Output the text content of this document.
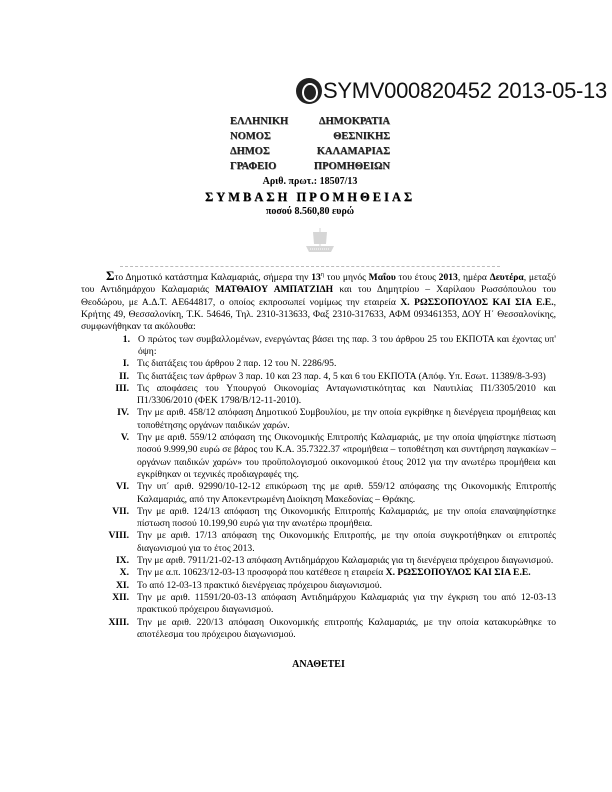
SYMV000820452 2013-05-13
ΕΛΛΗΝΙΚΗ	ΔΗΜΟΚΡΑΤΙΑ
ΝΟΜΟΣ	ΘΕΣΝΙΚΗΣ
ΔΗΜΟΣ	ΚΑΛΑΜΑΡΙΑΣ
ΓΡΑΦΕΙΟ	ΠΡΟΜΗΘΕΙΩΝ
Αριθ. πρωτ.: 18507/13
ΣΥΜΒΑΣΗ ΠΡΟΜΗΘΕΙΑΣ
ποσού 8.560,80 ευρώ

Στο Δημοτικό κατάστημα Καλαμαριάς, σήμερα την $13^\eta$ του μηνός Μαΐου του έτους 2013, ημέρα Δευτέρα, μεταξύ του Αντιδημάρχου Καλαμαριάς ΜΑΤΘΑΙΟΥ ΑΜΠΑΤΖΙΔΗ και του Δημητρίου – Χαρίλαου Ρωσσόπουλου του Θεοδώρου, με Α.Δ.Τ. ΑΕ644817, ο οποίος εκπροσωπεί νομίμως την εταιρεία Χ. ΡΩΣΣΟΠΟΥΛΟΣ ΚΑΙ ΣΙΑ Ε.Ε., Κρήτης 49, Θεσσαλονίκη, Τ.Κ. 54646, Τηλ. 2310-313633, Φαξ 2310-317633, ΑΦΜ 093461353, ΔΟΥ Η΄ Θεσσαλονίκης, συμφωνήθηκαν τα ακόλουθα:

1. Ο πρώτος των συμβαλλομένων, ενεργώντας βάσει της παρ. 3 του άρθρου 25 του ΕΚΠΟΤΑ και έχοντας υπ' όψη:
I. Τις διατάξεις του άρθρου 2 παρ. 12 του Ν. 2286/95.
II. Τις διατάξεις των άρθρων 3 παρ. 10 και 23 παρ. 4, 5 και 6 του ΕΚΠΟΤΑ (Απόφ. Υπ. Εσωτ. 11389/8-3-93)
III. Τις αποφάσεις του Υπουργού Οικονομίας Ανταγωνιστικότητας και Ναυτιλίας Π1/3305/2010 και Π1/3306/2010 (ΦΕΚ 1798/Β/12-11-2010).
IV. Την με αριθ. 458/12 απόφαση Δημοτικού Συμβουλίου, με την οποία εγκρίθηκε η διενέργεια προμήθειας και τοποθέτησης οργάνων παιδικών χαρών.
V. Την με αριθ. 559/12 απόφαση της Οικονομικής Επιτροπής Καλαμαριάς, με την οποία ψηφίστηκε πίστωση ποσού 9.999,90 ευρώ σε βάρος του Κ.Α. 35.7322.37 «προμήθεια – τοποθέτηση και συντήρηση παγκακίων – οργάνων παιδικών χαρών» του προϋπολογισμού οικονομικού έτους 2012 για την ανωτέρω προμήθεια και εγκρίθηκαν οι τεχνικές προδιαγραφές της.
VI. Την υπ΄ αριθ. 92990/10-12-12 επικύρωση της με αριθ. 559/12 απόφασης της Οικονομικής Επιτροπής Καλαμαριάς, από την Αποκεντρωμένη Διοίκηση Μακεδονίας – Θράκης.
VII. Την με αριθ. 124/13 απόφαση της Οικονομικής Επιτροπής Καλαμαριάς, με την οποία επαναψηφίστηκε πίστωση ποσού 10.199,90 ευρώ για την ανωτέρω προμήθεια.
VIII. Την με αριθ. 17/13 απόφαση της Οικονομικής Επιτροπής, με την οποία συγκροτήθηκαν οι επιτροπές διαγωνισμού για το έτος 2013.
IX. Την με αριθ. 7911/21-02-13 απόφαση Αντιδημάρχου Καλαμαριάς για τη διενέργεια πρόχειρου διαγωνισμού.
X. Την με α.π. 10623/12-03-13 προσφορά που κατέθεσε η εταιρεία Χ. ΡΩΣΣΟΠΟΥΛΟΣ ΚΑΙ ΣΙΑ Ε.Ε.
XI. Το από 12-03-13 πρακτικό διενέργειας πρόχειρου διαγωνισμού.
XII. Την με αριθ. 11591/20-03-13 απόφαση Αντιδημάρχου Καλαμαριάς για την έγκριση του από 12-03-13 πρακτικού πρόχειρου διαγωνισμού.
XIII. Την με αριθ. 220/13 απόφαση Οικονομικής επιτροπής Καλαμαριάς, με την οποία κατακυρώθηκε το αποτέλεσμα του πρόχειρου διαγωνισμού.
ΑΝΑΘΕΤΕΙ
